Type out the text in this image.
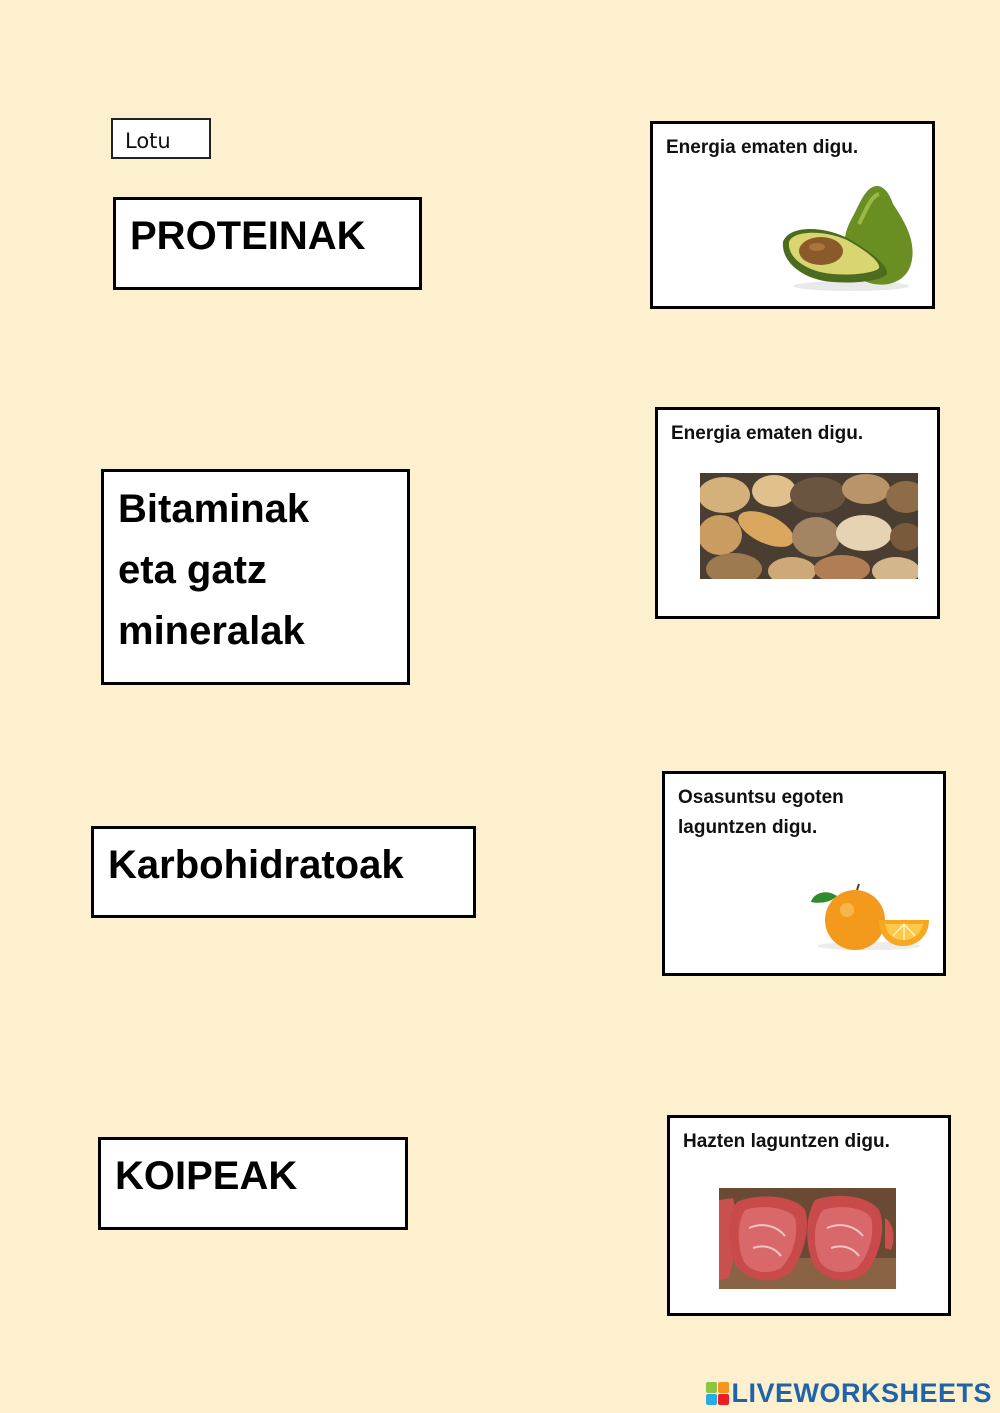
Lotu
PROTEINAK
Bitaminak
eta gatz
mineralak
Karbohidratoak
KOIPEAK
Energia ematen digu.
Energia ematen digu.
Osasuntsu egoten
laguntzen digu.
Hazten laguntzen digu.
LIVEWORKSHEETS
